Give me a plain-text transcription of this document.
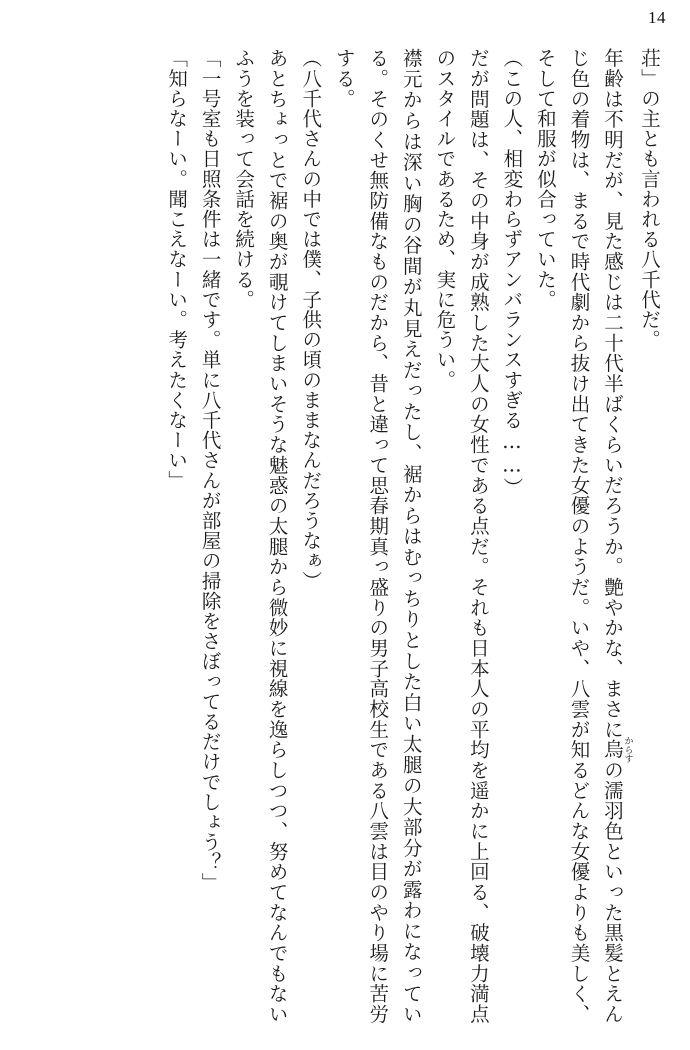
14

荘」の主とも言われる八千代だ。

年齢は不明だが、見た感じは二十代半ばくらいだろうか。艶やかな、まさに烏からすの濡羽色といった黒髪とえんじ色の着物は、まるで時代劇から抜け出てきた女優のようだ。いや、八雲が知るどんな女優よりも美しく、そして和服が似合っていた。

（この人、相変わらずアンバランスすぎる……）

だが問題は、その中身が成熟した大人の女性である点だ。それも日本人の平均を遥かに上回る、破壊力満点のスタイルであるため、実に危うい。

襟元からは深い胸の谷間が丸見えだったし、裾からはむっちりとした白い太腿の大部分が露わになっている。そのくせ無防備なものだから、昔と違って思春期真っ盛りの男子高校生である八雲は目のやり場に苦労する。

（八千代さんの中では僕、子供の頃のままなんだろうなぁ）

あとちょっとで裾の奥が覗けてしまいそうな魅惑の太腿から微妙に視線を逸らしつつ、努めてなんでもないふうを装って会話を続ける。

「一号室も日照条件は一緒です。単に八千代さんが部屋の掃除をさぼってるだけでしょう？」

「知らなーい。聞こえなーい。考えたくなーい」
